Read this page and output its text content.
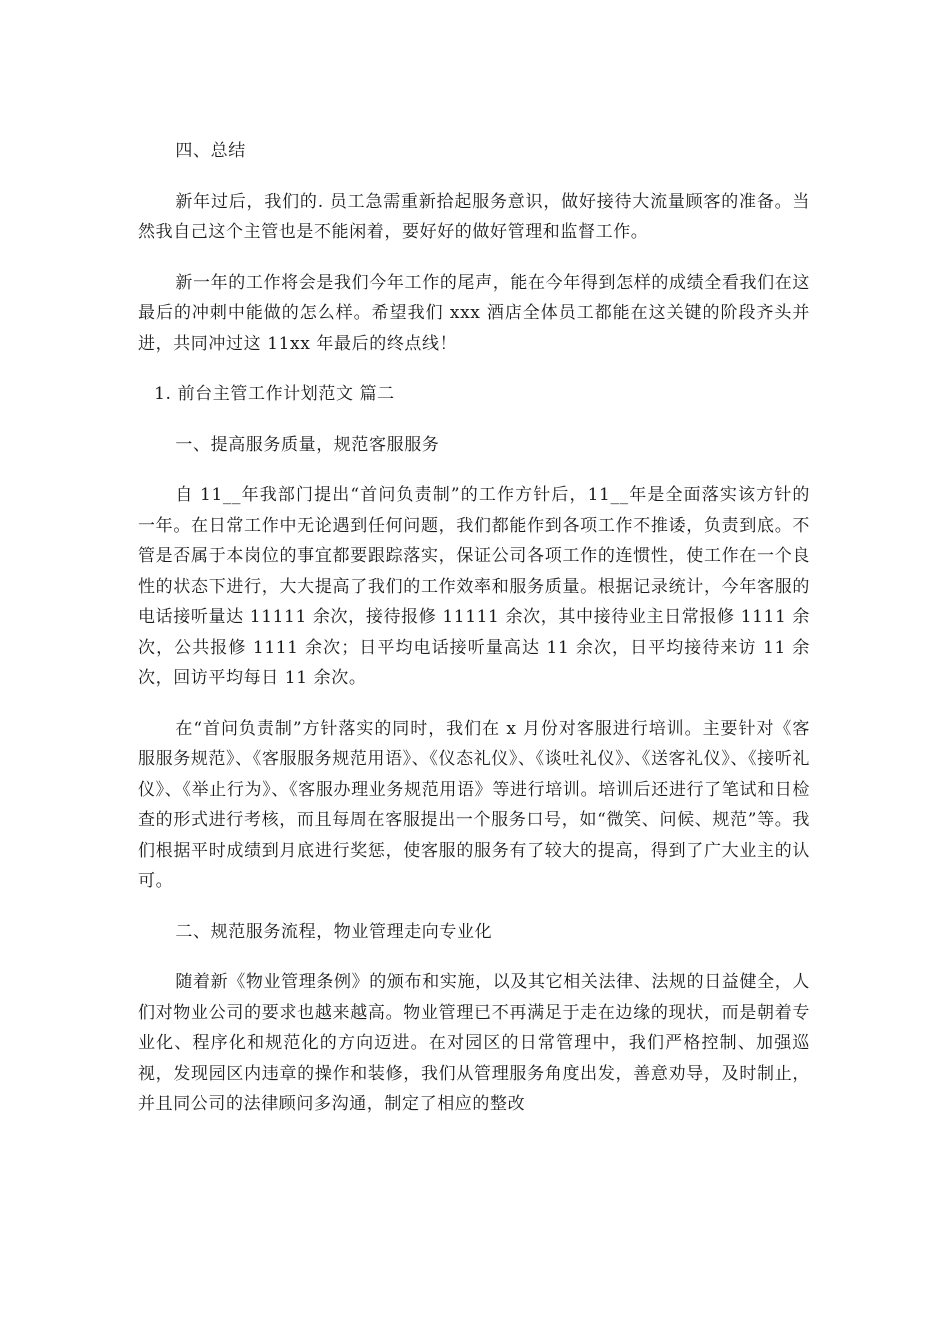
四、总结

新年过后，我们的. 员工急需重新拾起服务意识，做好接待大流量顾客的准备。当然我自己这个主管也是不能闲着，要好好的做好管理和监督工作。

新一年的工作将会是我们今年工作的尾声，能在今年得到怎样的成绩全看我们在这最后的冲刺中能做的怎么样。希望我们 xxx 酒店全体员工都能在这关键的阶段齐头并进，共同冲过这 11xx 年最后的终点线！

1. 前台主管工作计划范文 篇二

一、提高服务质量，规范客服服务

自 11__年我部门提出“首问负责制”的工作方针后，11__年是全面落实该方针的一年。在日常工作中无论遇到任何问题，我们都能作到各项工作不推诿，负责到底。不管是否属于本岗位的事宜都要跟踪落实，保证公司各项工作的连惯性，使工作在一个良性的状态下进行，大大提高了我们的工作效率和服务质量。根据记录统计，今年客服的电话接听量达 11111 余次，接待报修 11111 余次，其中接待业主日常报修 1111 余次，公共报修 1111 余次；日平均电话接听量高达 11 余次，日平均接待来访 11 余次，回访平均每日 11 余次。

在“首问负责制”方针落实的同时，我们在 x 月份对客服进行培训。主要针对《客服服务规范》、《客服服务规范用语》、《仪态礼仪》、《谈吐礼仪》、《送客礼仪》、《接听礼仪》、《举止行为》、《客服办理业务规范用语》等进行培训。培训后还进行了笔试和日检查的形式进行考核，而且每周在客服提出一个服务口号，如“微笑、问候、规范”等。我们根据平时成绩到月底进行奖惩，使客服的服务有了较大的提高，得到了广大业主的认可。

二、规范服务流程，物业管理走向专业化

随着新《物业管理条例》的颁布和实施，以及其它相关法律、法规的日益健全，人们对物业公司的要求也越来越高。物业管理已不再满足于走在边缘的现状，而是朝着专业化、程序化和规范化的方向迈进。在对园区的日常管理中，我们严格控制、加强巡视，发现园区内违章的操作和装修，我们从管理服务角度出发，善意劝导，及时制止，并且同公司的法律顾问多沟通，制定了相应的整改
